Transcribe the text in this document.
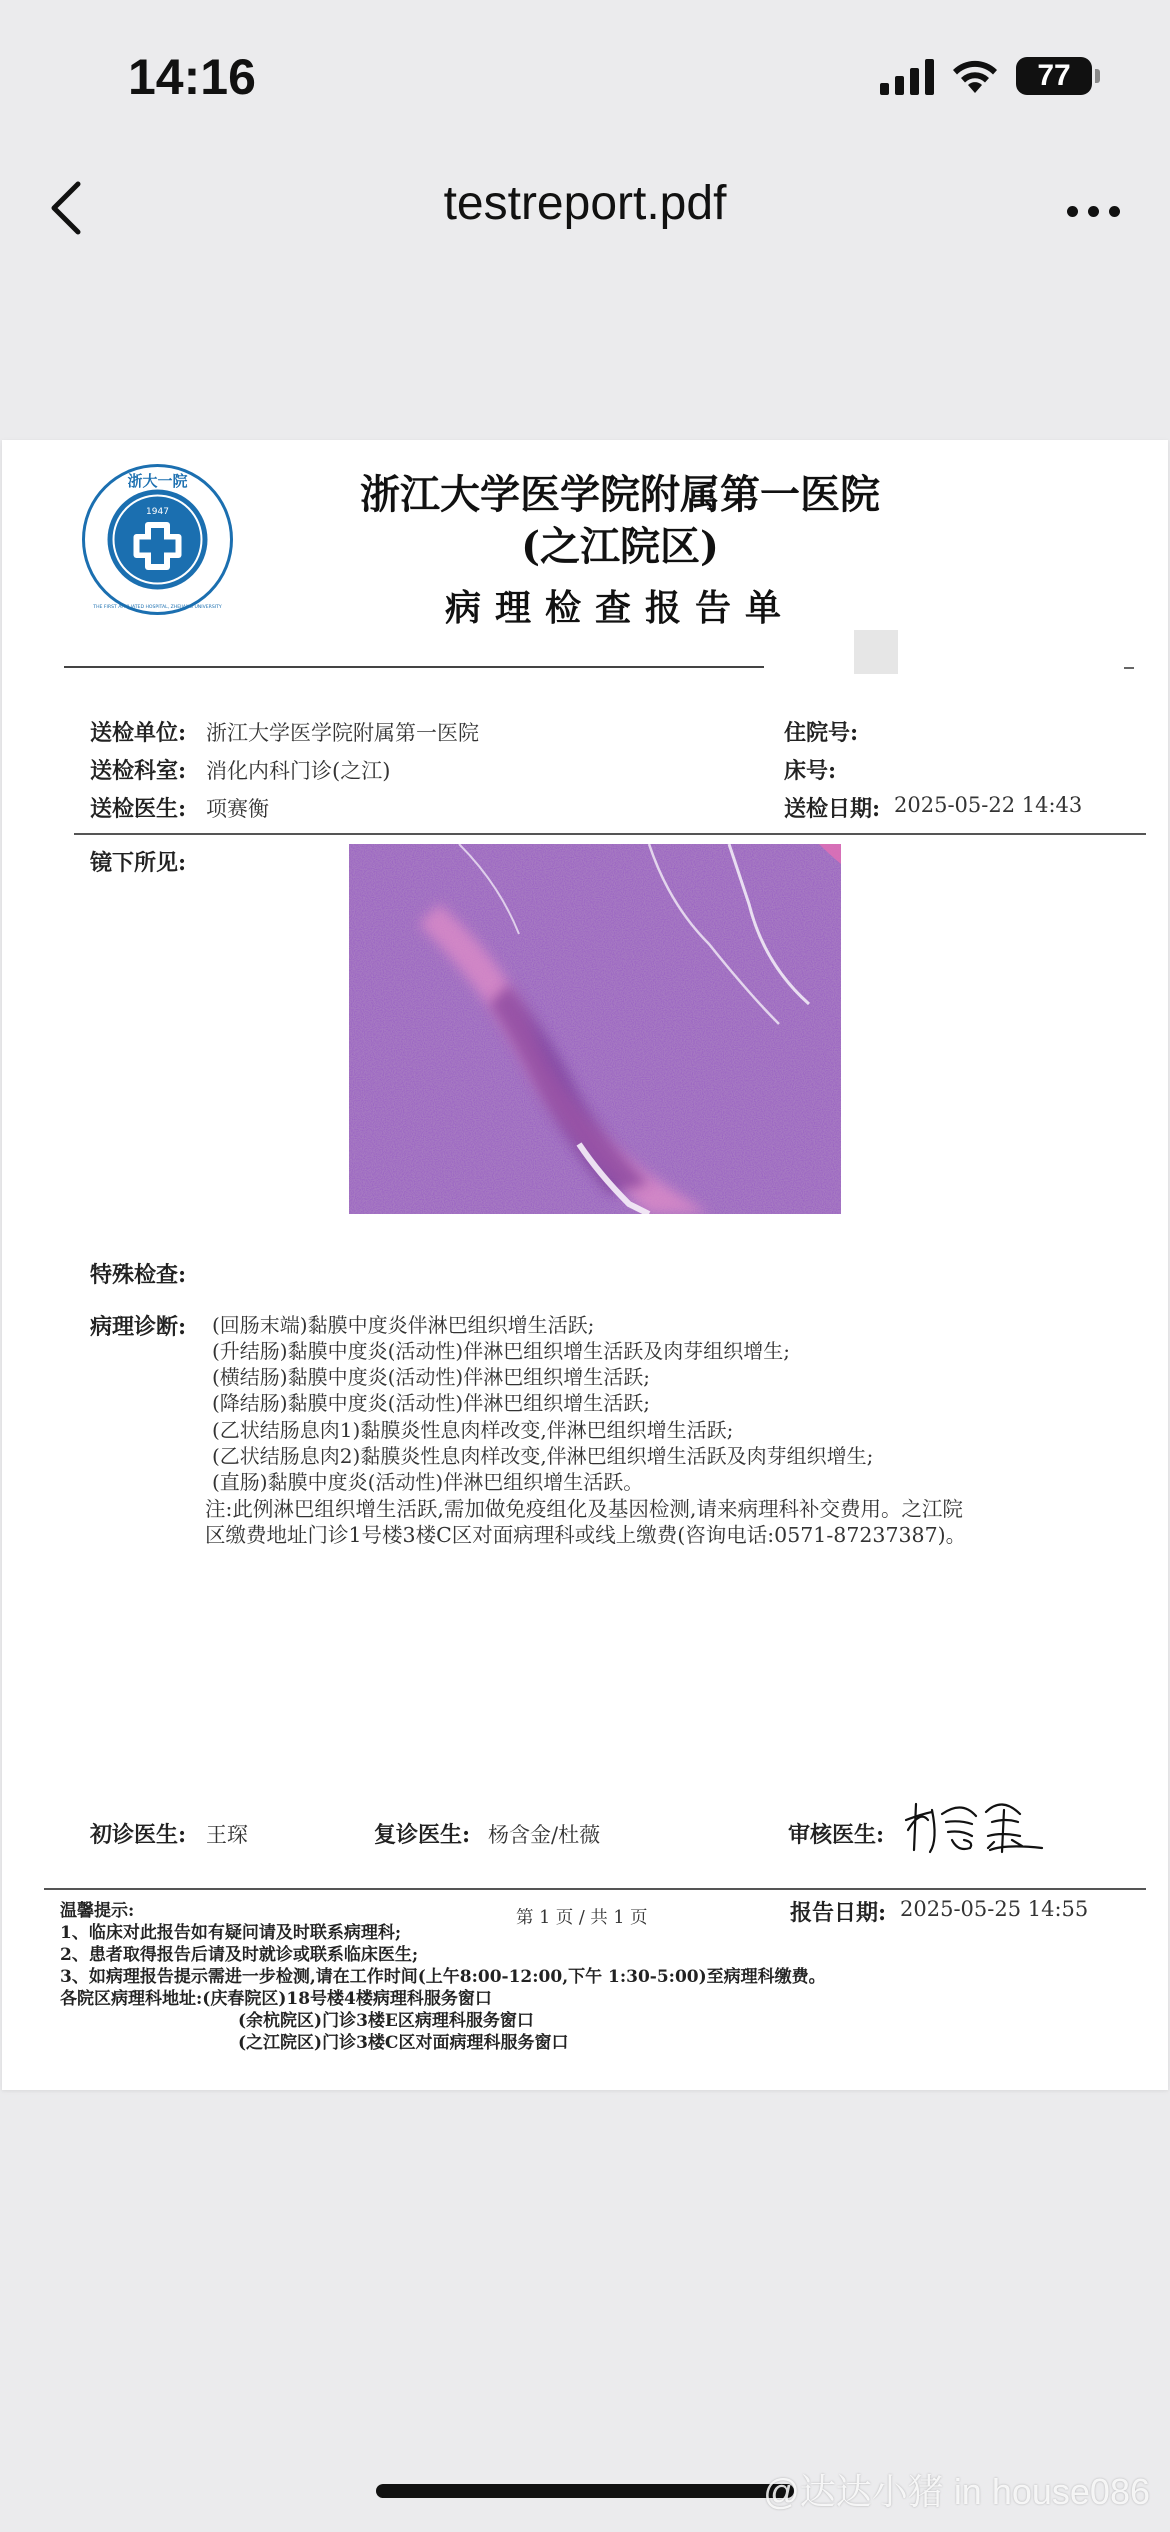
14:16	77
testreport.pdf
1947
浙大一院
THE FIRST AFFILIATED HOSPITAL, ZHEJIANG UNIVERSITY
浙江大学医学院附属第一医院
(之江院区)
病理检查报告单
送检单位: 浙江大学医学院附属第一医院
送检科室: 消化内科门诊(之江)
送检医生: 项赛衡
住院号:
床号:
送检日期: 2025-05-22 14:43
镜下所见:
特殊检查:
病理诊断: (回肠末端)黏膜中度炎伴淋巴组织增生活跃;
(升结肠)黏膜中度炎(活动性)伴淋巴组织增生活跃及肉芽组织增生;
(横结肠)黏膜中度炎(活动性)伴淋巴组织增生活跃;
(降结肠)黏膜中度炎(活动性)伴淋巴组织增生活跃;
(乙状结肠息肉1)黏膜炎性息肉样改变,伴淋巴组织增生活跃;
(乙状结肠息肉2)黏膜炎性息肉样改变,伴淋巴组织增生活跃及肉芽组织增生;
(直肠)黏膜中度炎(活动性)伴淋巴组织增生活跃。
注:此例淋巴组织增生活跃,需加做免疫组化及基因检测,请来病理科补交费用。之江院
区缴费地址门诊1号楼3楼C区对面病理科或线上缴费(咨询电话:0571-87237387)。
初诊医生: 王琛	复诊医生: 杨含金/杜薇	审核医生:
第 1 页 / 共 1 页	报告日期: 2025-05-25 14:55
温馨提示:
1、临床对此报告如有疑问请及时联系病理科;
2、患者取得报告后请及时就诊或联系临床医生;
3、如病理报告提示需进一步检测,请在工作时间(上午8:00-12:00,下午 1:30-5:00)至病理科缴费。
各院区病理科地址:(庆春院区)18号楼4楼病理科服务窗口
(余杭院区)门诊3楼E区病理科服务窗口
(之江院区)门诊3楼C区对面病理科服务窗口
@达达小猪 in house086
